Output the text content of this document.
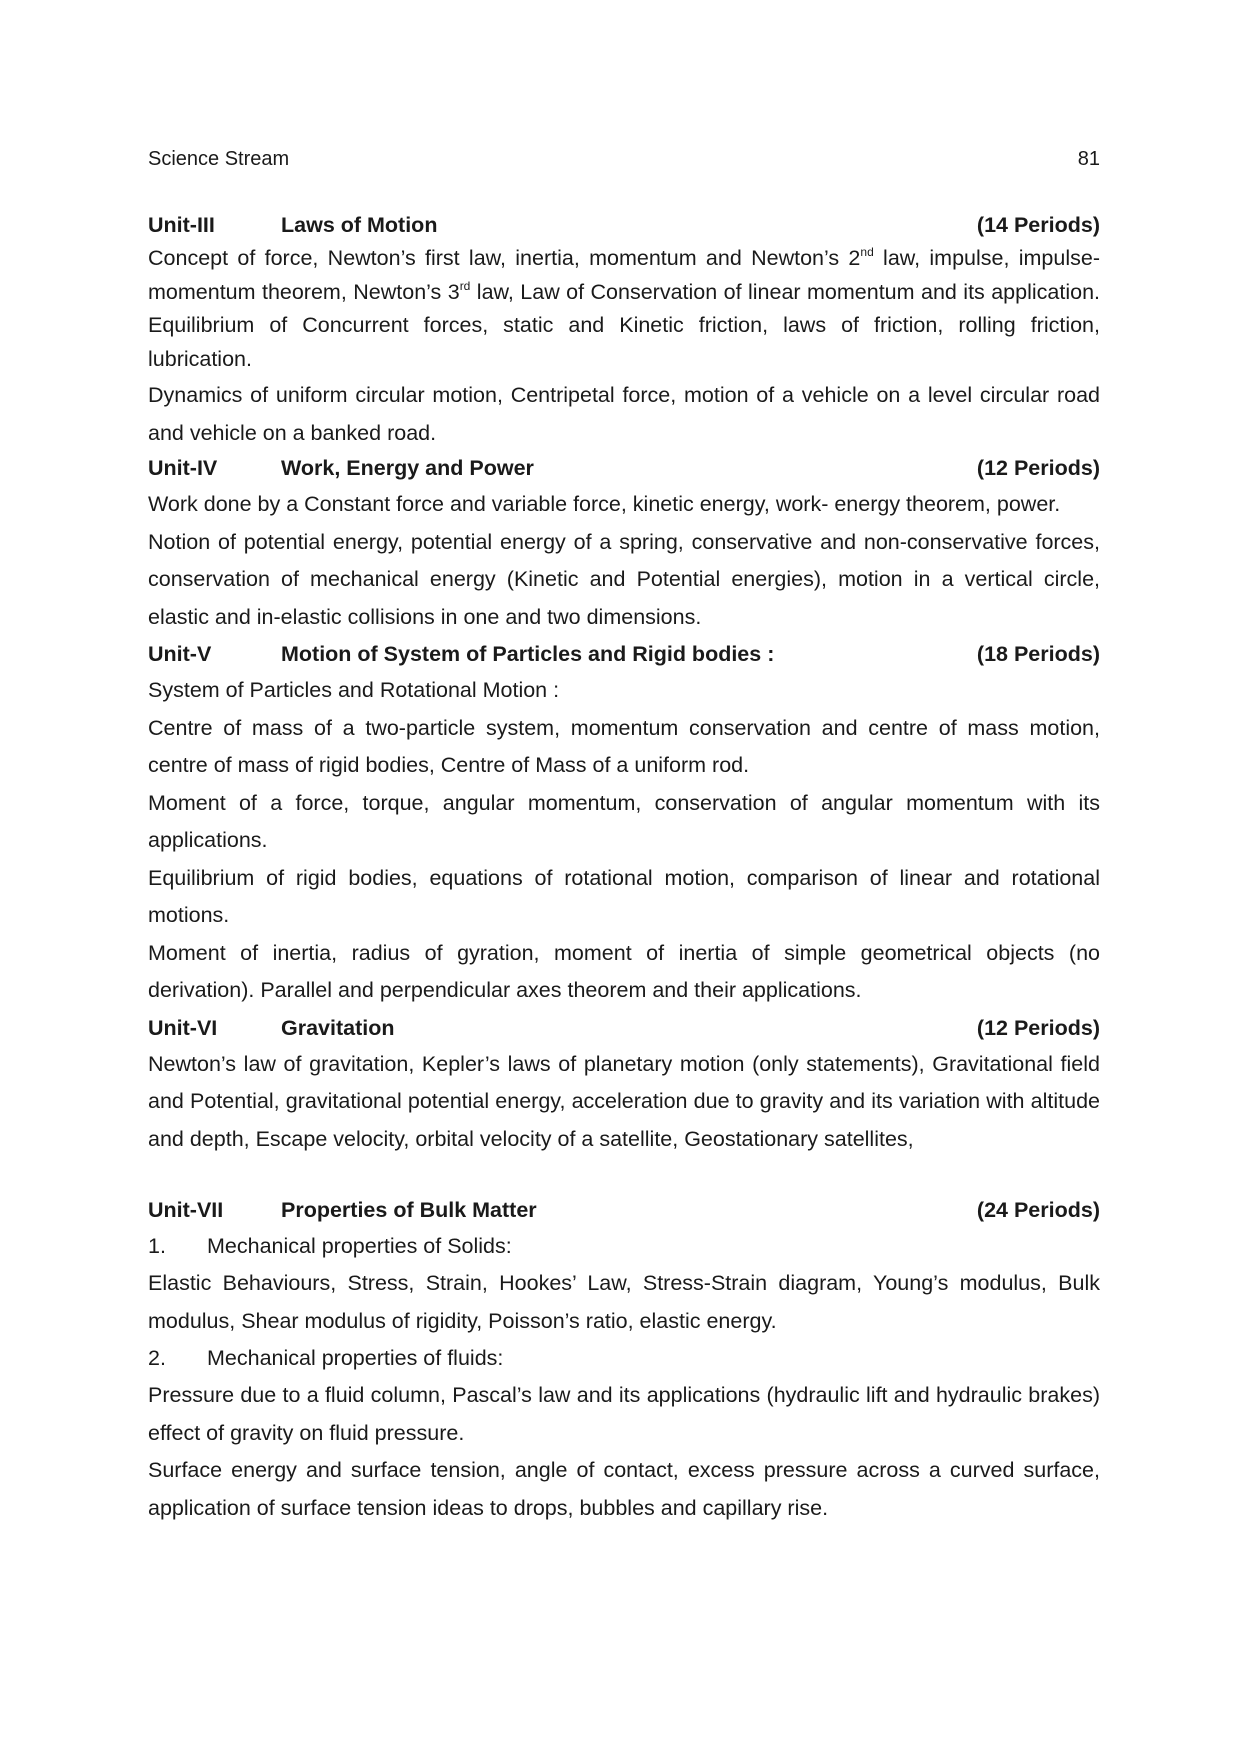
Science Stream	81
Unit-III	Laws of Motion	(14 Periods)

Concept of force, Newton’s first law, inertia, momentum and Newton’s 2nd law, impulse, impulse-momentum theorem, Newton’s 3rd law, Law of Conservation of linear momentum and its application. Equilibrium of Concurrent forces, static and Kinetic friction, laws of friction, rolling friction, lubrication.

Dynamics of uniform circular motion, Centripetal force, motion of a vehicle on a level circular road and vehicle on a banked road.

Unit-IV	Work, Energy and Power	(12 Periods)

Work done by a Constant force and variable force, kinetic energy, work- energy theorem, power.

Notion of potential energy, potential energy of a spring, conservative and non-conservative forces, conservation of mechanical energy (Kinetic and Potential energies), motion in a vertical circle, elastic and in-elastic collisions in one and two dimensions.

Unit-V	Motion of System of Particles and Rigid bodies :	(18 Periods)

System of Particles and Rotational Motion :

Centre of mass of a two-particle system, momentum conservation and centre of mass motion, centre of mass of rigid bodies, Centre of Mass of a uniform rod.

Moment of a force, torque, angular momentum, conservation of angular momentum with its applications.

Equilibrium of rigid bodies, equations of rotational motion, comparison of linear and rotational motions.

Moment of inertia, radius of gyration, moment of inertia of simple geometrical objects (no derivation). Parallel and perpendicular axes theorem and their applications.

Unit-VI	Gravitation	(12 Periods)

Newton’s law of gravitation, Kepler’s laws of planetary motion (only statements), Gravitational field and Potential, gravitational potential energy, acceleration due to gravity and its variation with altitude and depth, Escape velocity, orbital velocity of a satellite, Geostationary satellites,

Unit-VII	Properties of Bulk Matter	(24 Periods)
1. Mechanical properties of Solids:

Elastic Behaviours, Stress, Strain, Hookes’ Law, Stress-Strain diagram, Young’s modulus, Bulk modulus, Shear modulus of rigidity, Poisson’s ratio, elastic energy.

2. Mechanical properties of fluids:

Pressure due to a fluid column, Pascal’s law and its applications (hydraulic lift and hydraulic brakes) effect of gravity on fluid pressure.

Surface energy and surface tension, angle of contact, excess pressure across a curved surface, application of surface tension ideas to drops, bubbles and capillary rise.
